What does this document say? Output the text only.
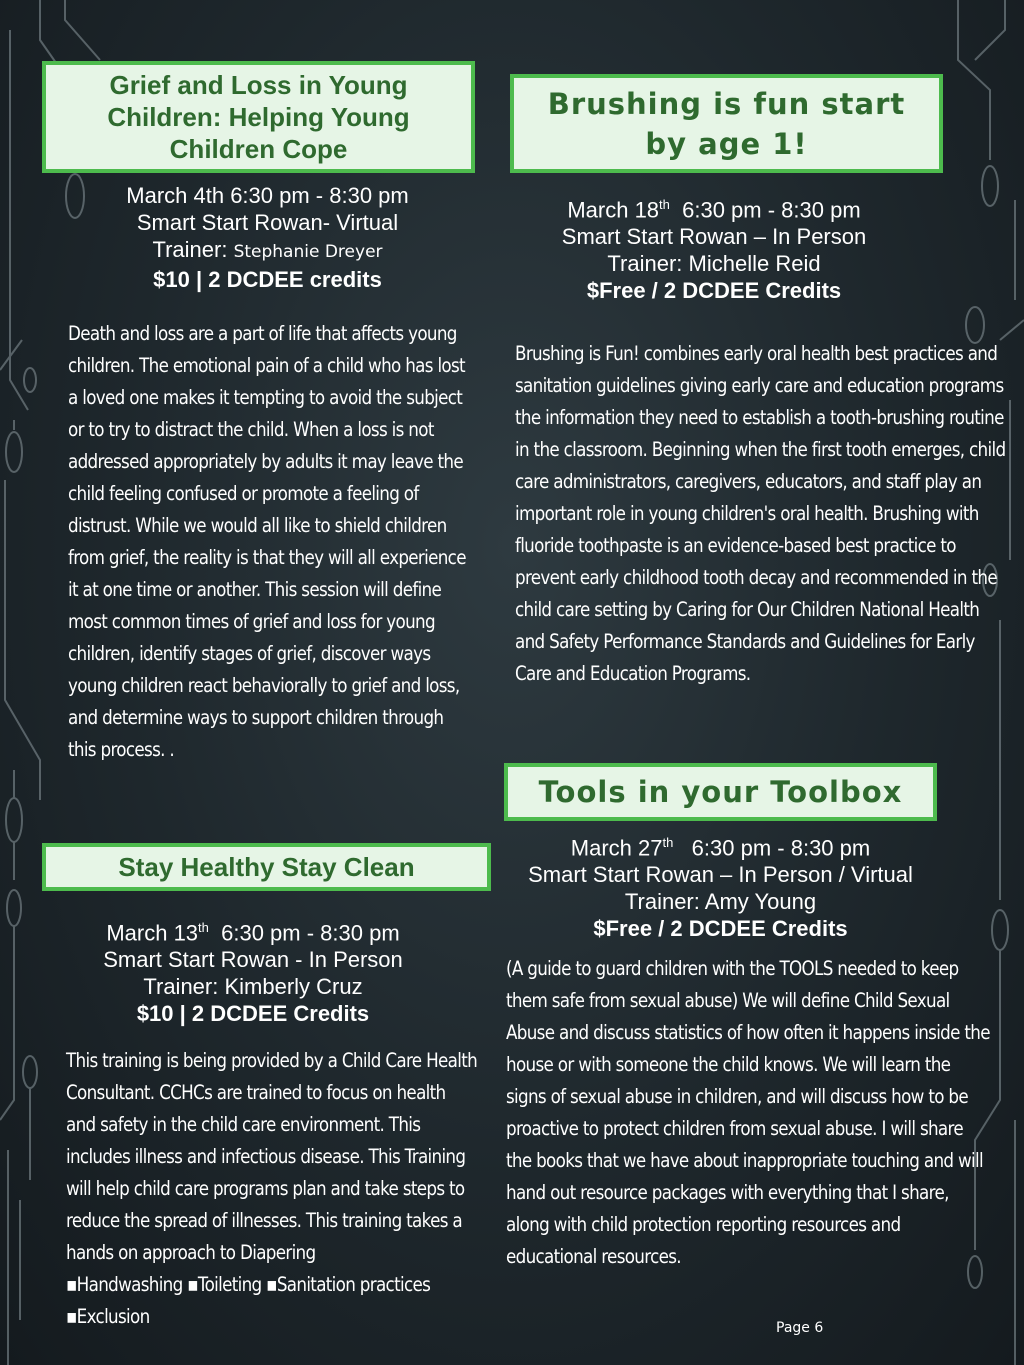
Grief and Loss in Young Children: Helping Young Children Cope
March 4th 6:30 pm - 8:30 pm
Smart Start Rowan- Virtual
Trainer: Stephanie Dreyer
$10 | 2 DCDEE credits
Death and loss are a part of life that affects young children. The emotional pain of a child who has lost a loved one makes it tempting to avoid the subject or to try to distract the child. When a loss is not addressed appropriately by adults it may leave the child feeling confused or promote a feeling of distrust. While we would all like to shield children from grief, the reality is that they will all experience it at one time or another. This session will define most common times of grief and loss for young children, identify stages of grief, discover ways young children react behaviorally to grief and loss, and determine ways to support children through this process. .
Stay Healthy Stay Clean
March 13th  6:30 pm - 8:30 pm
Smart Start Rowan - In Person
Trainer: Kimberly Cruz
$10 | 2 DCDEE Credits
This training is being provided by a Child Care Health Consultant. CCHCs are trained to focus on health and safety in the child care environment. This includes illness and infectious disease. This Training will help child care programs plan and take steps to reduce the spread of illnesses. This training takes a hands on approach to Diapering
▪Handwashing ▪Toileting ▪Sanitation practices
▪Exclusion
Brushing is fun start by age 1!
March 18th  6:30 pm - 8:30 pm
Smart Start Rowan – In Person
Trainer: Michelle Reid
$Free / 2 DCDEE Credits
Brushing is Fun! combines early oral health best practices and sanitation guidelines giving early care and education programs the information they need to establish a tooth-brushing routine in the classroom. Beginning when the first tooth emerges, child care administrators, caregivers, educators, and staff play an important role in young children's oral health. Brushing with fluoride toothpaste is an evidence-based best practice to prevent early childhood tooth decay and recommended in the child care setting by Caring for Our Children National Health and Safety Performance Standards and Guidelines for Early Care and Education Programs.
Tools in your Toolbox
March 27th   6:30 pm - 8:30 pm
Smart Start Rowan – In Person / Virtual
Trainer: Amy Young
$Free / 2 DCDEE Credits
(A guide to guard children with the TOOLS needed to keep them safe from sexual abuse) We will define Child Sexual Abuse and discuss statistics of how often it happens inside the house or with someone the child knows. We will learn the signs of sexual abuse in children, and will discuss how to be proactive to protect children from sexual abuse. I will share the books that we have about inappropriate touching and will hand out resource packages with everything that I share, along with child protection reporting resources and educational resources.
Page 6
